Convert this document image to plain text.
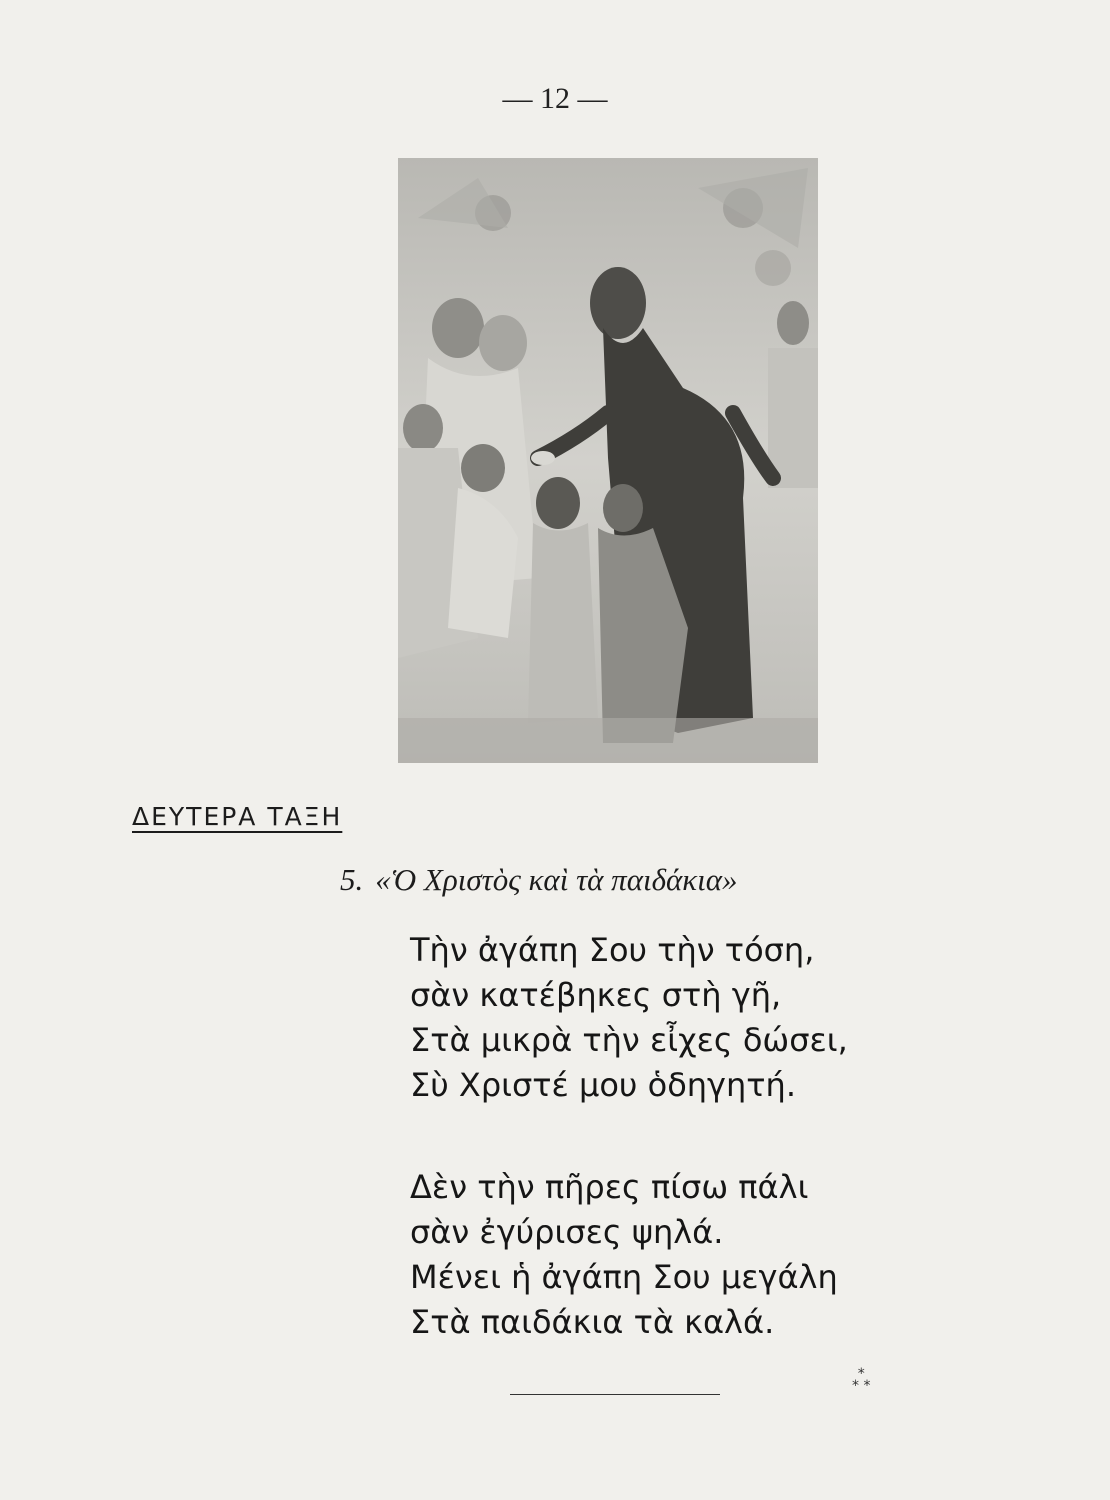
— 12 —
ΔΕΥΤΕΡΑ ΤΑΞΗ
5. «Ὁ Χριστὸς καὶ τὰ παιδάκια»
Τὴν ἀγάπη Σου τὴν τόση,
σὰν κατέβηκες στὴ γῆ,
Στὰ μικρὰ τὴν εἶχες δώσει,
Σὺ Χριστέ μου ὁδηγητή.
Δὲν τὴν πῆρες πίσω πάλι
σὰν ἐγύρισες ψηλά.
Μένει ἡ ἀγάπη Σου μεγάλη
Στὰ παιδάκια τὰ καλά.
*
* *
